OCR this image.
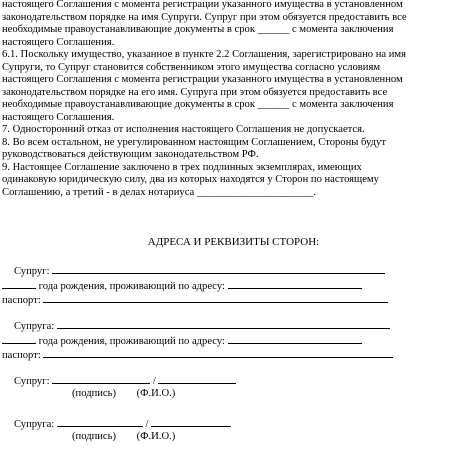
настоящего Соглашения с момента регистрации указанного имущества в установленном
законодательством порядке на имя Супруги. Супруг при этом обязуется предоставить все
необходимые правоустанавливающие документы в срок ______ с момента заключения
настоящего Соглашения.
6.1. Поскольку имущество, указанное в пункте 2.2 Соглашения, зарегистрировано на имя
Супруги, то Супруг становится собственником этого имущества согласно условиям
настоящего Соглашения с момента регистрации указанного имущества в установленном
законодательством порядке на его имя. Супруга при этом обязуется предоставить все
необходимые правоустанавливающие документы в срок ______ с момента заключения
настоящего Соглашения.
7. Односторонний отказ от исполнения настоящего Соглашения не допускается.
8. Во всем остальном, не урегулированном настоящим Соглашением, Стороны будут
руководствоваться действующим законодательством РФ.
9. Настоящее Соглашение заключено в трех подлинных экземплярах, имеющих
одинаковую юридическую силу, два из которых находятся у Сторон по настоящему
Соглашению, а третий - в делах нотариуса ______________________.
АДРЕСА И РЕКВИЗИТЫ СТОРОН:
Супруг:
года рождения, проживающий по адресу:
паспорт:
Супруга:
года рождения, проживающий по адресу:
паспорт:
Супруг:	/
(подпись) (Ф.И.О.)
Супруга:	/
(подпись) (Ф.И.О.)
